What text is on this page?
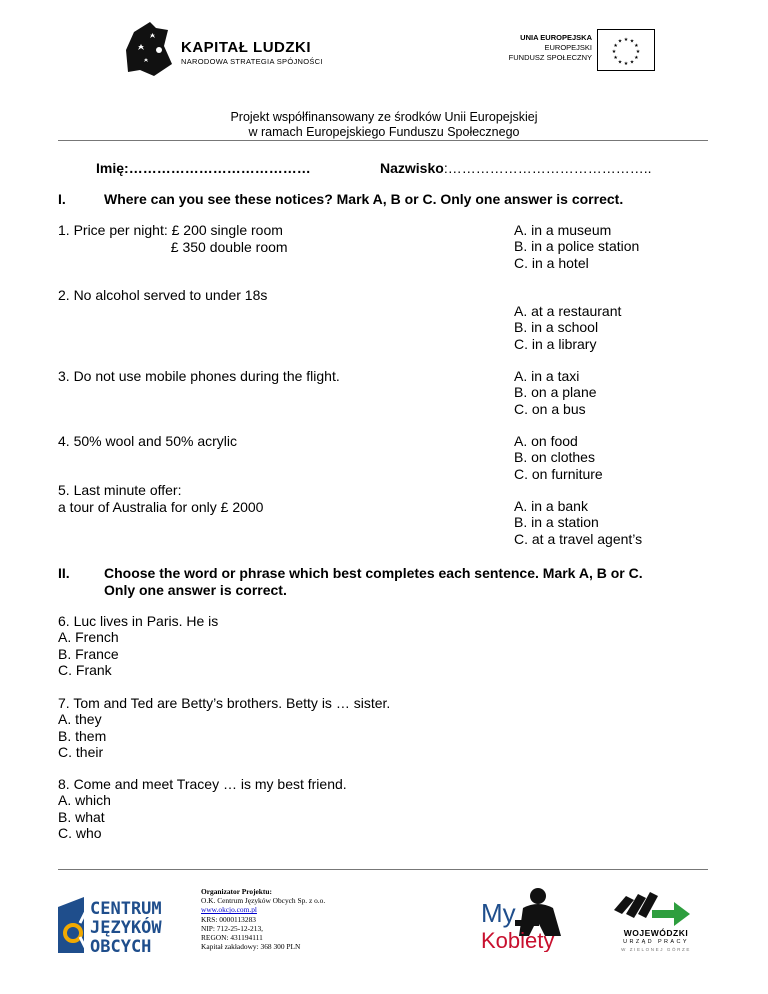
KAPITAŁ LUDZKI
NARODOWA STRATEGIA SPÓJNOŚCI
UNIA EUROPEJSKA
EUROPEJSKI
FUNDUSZ SPOŁECZNY
★ ★
★
★
★
★
★
★
★
★
★
★
Projekt współfinansowany ze środków Unii Europejskiej
w ramach Europejskiego Funduszu Społecznego
Imię:…………………………………	Nazwisko:……………………………………..
I.	Where can you see these notices? Mark A, B or C. Only one answer is correct.
1. Price per night: £ 200 single room
£ 350 double room
A. in a museum
B. in a police station
C. in a hotel
2. No alcohol served to under 18s
A. at a restaurant
B. in a school
C. in a library
3. Do not use mobile phones during the flight.	A. in a taxi
B. on a plane
C. on a bus
4. 50% wool and 50% acrylic	A. on food
B. on clothes
C. on furniture
5. Last minute offer:
a tour of Australia for only £ 2000	A. in a bank
B. in a station
C. at a travel agent’s
II. Choose the word or phrase which best completes each sentence. Mark A, B or C.
Only one answer is correct.
6. Luc lives in Paris. He is
A. French
B. France
C. Frank
7. Tom and Ted are Betty’s brothers. Betty is … sister.
A. they
B. them
C. their
8. Come and meet Tracey … is my best friend.
A. which
B. what
C. who
CENTRUM
JĘZYKÓW
OBCYCH
Organizator Projektu:
O.K. Centrum Języków Obcych Sp. z o.o.
www.okcjo.com.pl
KRS: 0000113283
NIP: 712-25-12-213,
REGON: 431194111
Kapitał zakładowy: 368 300 PLN
My
Kobiety	WOJEWÓDZKI
URZĄD PRACY
W ZIELONEJ GÓRZE
